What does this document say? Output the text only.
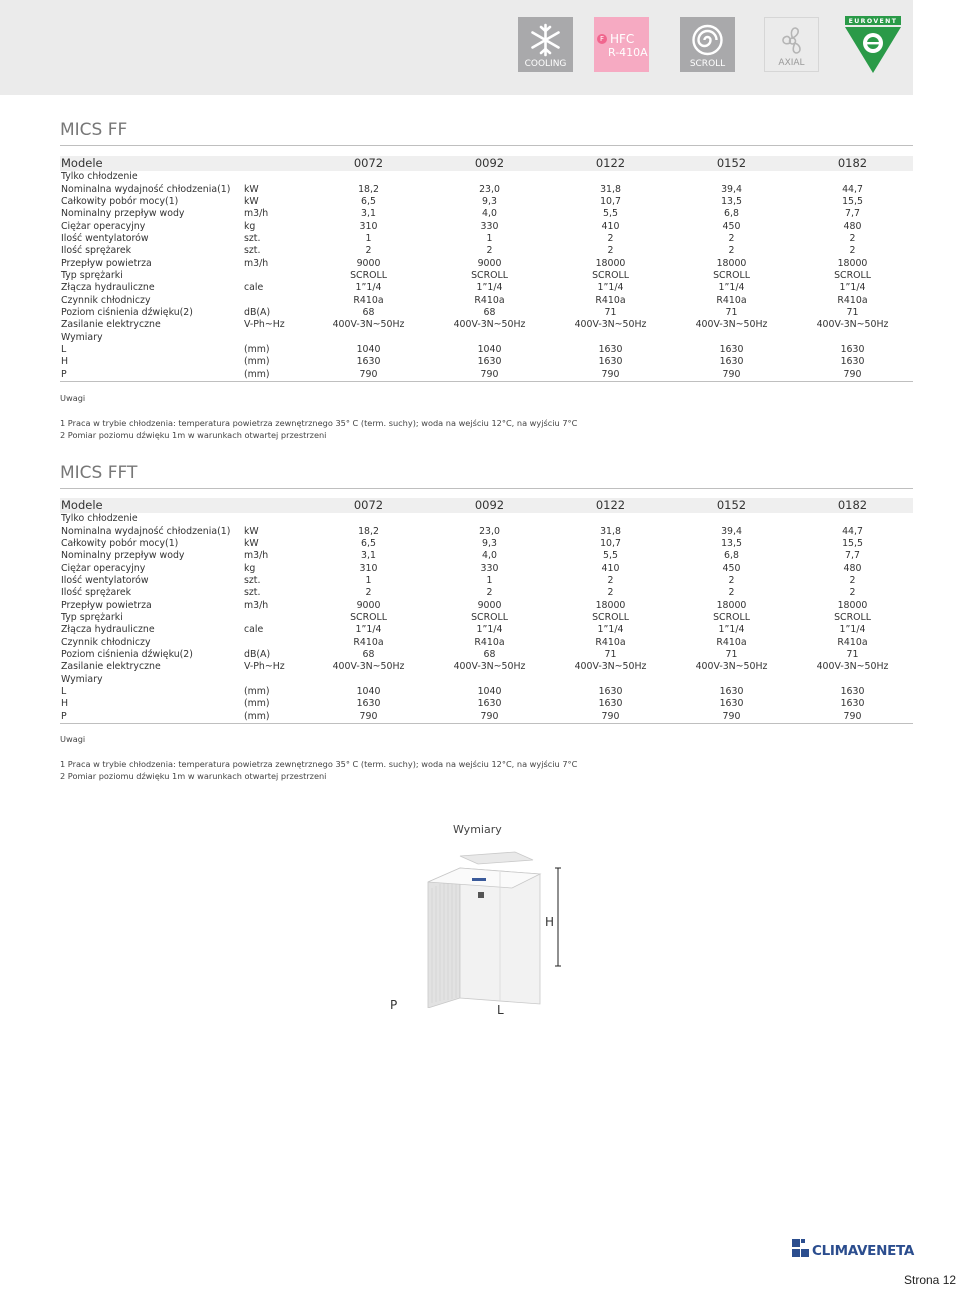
COOLING
F HFC
R-410A
SCROLL	AXIAL
EUROVENT
MICS FF
Modele		0072	0092	0122	0152	0182
Tylko chłodzenie						
Nominalna wydajność chłodzenia(1)	kW	18,2	23,0	31,8	39,4	44,7
Całkowity pobór mocy(1)	kW	6,5	9,3	10,7	13,5	15,5
Nominalny przepływ wody	m3/h	3,1	4,0	5,5	6,8	7,7
Ciężar operacyjny	kg	310	330	410	450	480
Ilość wentylatorów	szt.	1	1	2	2	2
Ilość sprężarek	szt.	2	2	2	2	2
Przepływ powietrza	m3/h	9000	9000	18000	18000	18000
Typ sprężarki		SCROLL	SCROLL	SCROLL	SCROLL	SCROLL
Złącza hydrauliczne	cale	1”1/4	1”1/4	1”1/4	1”1/4	1”1/4
Czynnik chłodniczy		R410a	R410a	R410a	R410a	R410a
Poziom ciśnienia dźwięku(2)	dB(A)	68	68	71	71	71
Zasilanie elektryczne	V-Ph~Hz	400V-3N~50Hz	400V-3N~50Hz	400V-3N~50Hz	400V-3N~50Hz	400V-3N~50Hz
Wymiary						
L	(mm)	1040	1040	1630	1630	1630
H	(mm)	1630	1630	1630	1630	1630
P	(mm)	790	790	790	790	790
Uwagi
1 Praca w trybie chłodzenia: temperatura powietrza zewnętrznego 35° C (term. suchy); woda na wejściu 12°C, na wyjściu 7°C
2 Pomiar poziomu dźwięku 1m w warunkach otwartej przestrzeni
MICS FFT
Modele		0072	0092	0122	0152	0182
Tylko chłodzenie						
Nominalna wydajność chłodzenia(1)	kW	18,2	23,0	31,8	39,4	44,7
Całkowity pobór mocy(1)	kW	6,5	9,3	10,7	13,5	15,5
Nominalny przepływ wody	m3/h	3,1	4,0	5,5	6,8	7,7
Ciężar operacyjny	kg	310	330	410	450	480
Ilość wentylatorów	szt.	1	1	2	2	2
Ilość sprężarek	szt.	2	2	2	2	2
Przepływ powietrza	m3/h	9000	9000	18000	18000	18000
Typ sprężarki		SCROLL	SCROLL	SCROLL	SCROLL	SCROLL
Złącza hydrauliczne	cale	1”1/4	1”1/4	1”1/4	1”1/4	1”1/4
Czynnik chłodniczy		R410a	R410a	R410a	R410a	R410a
Poziom ciśnienia dźwięku(2)	dB(A)	68	68	71	71	71
Zasilanie elektryczne	V-Ph~Hz	400V-3N~50Hz	400V-3N~50Hz	400V-3N~50Hz	400V-3N~50Hz	400V-3N~50Hz
Wymiary						
L	(mm)	1040	1040	1630	1630	1630
H	(mm)	1630	1630	1630	1630	1630
P	(mm)	790	790	790	790	790
Uwagi
1 Praca w trybie chłodzenia: temperatura powietrza zewnętrznego 35° C (term. suchy); woda na wejściu 12°C, na wyjściu 7°C
2 Pomiar poziomu dźwięku 1m w warunkach otwartej przestrzeni
Wymiary
H
P	L
CLIMAVENETA
Strona 12
